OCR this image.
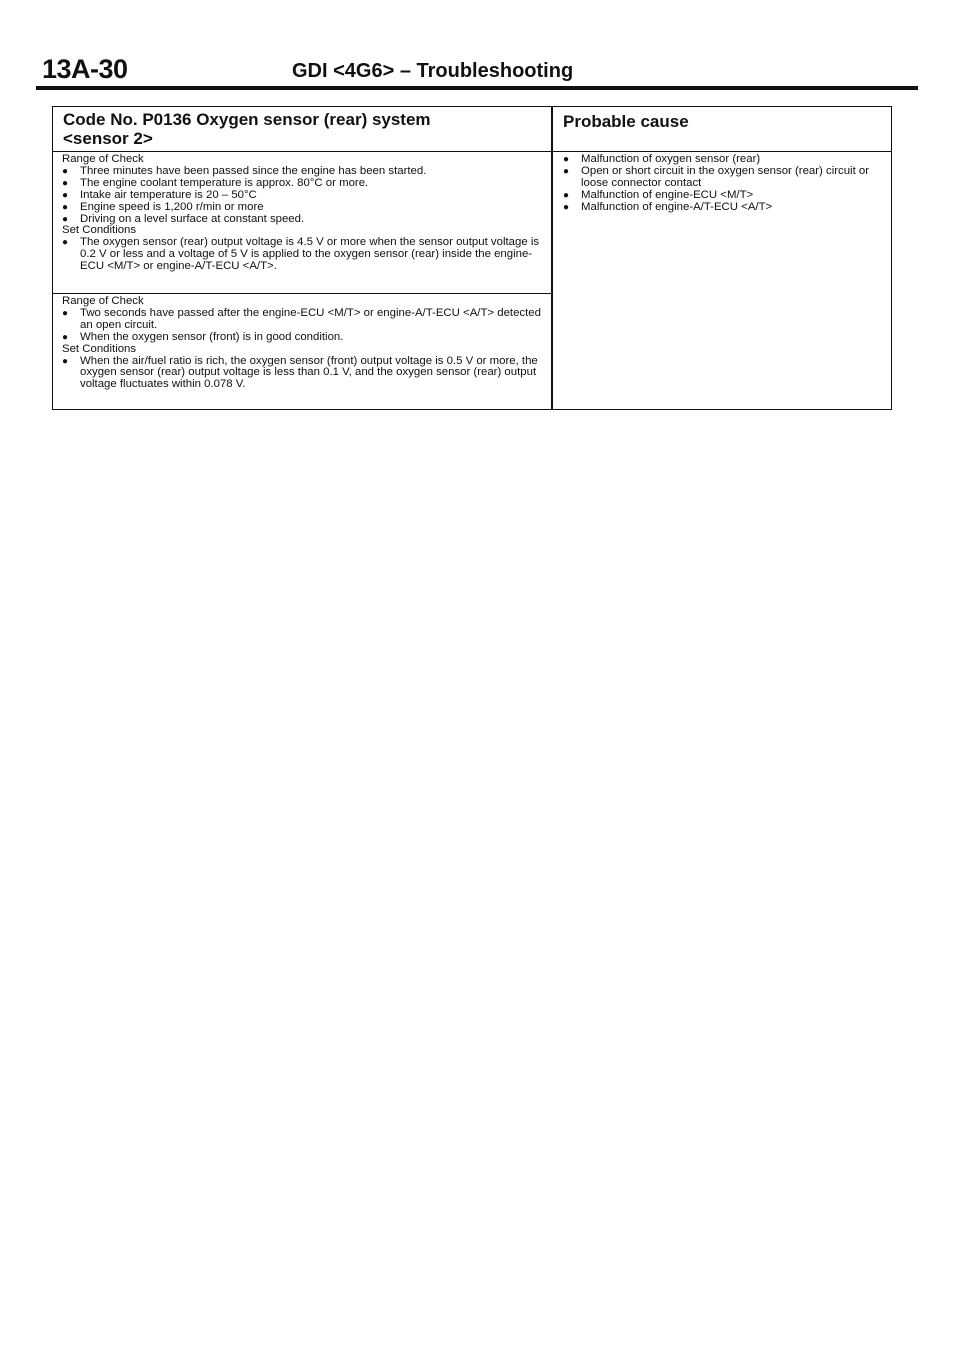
13A-30	GDI <4G6> – Troubleshooting
Code No. P0136 Oxygen sensor (rear) system
<sensor 2>
Probable cause

Range of Check

● Three minutes have been passed since the engine has been started.

● The engine coolant temperature is approx. 80°C or more.

● Intake air temperature is 20 – 50°C

● Engine speed is 1,200 r/min or more

● Driving on a level surface at constant speed.

Set Conditions

● The oxygen sensor (rear) output voltage is 4.5 V or more when the sensor output voltage is 0.2 V or less and a voltage of 5 V is applied to the oxygen sensor (rear) inside the engine-ECU <M/T> or engine-A/T-ECU <A/T>.

Range of Check

● Two seconds have passed after the engine-ECU <M/T> or engine-A/T-ECU <A/T> detected an open circuit.

● When the oxygen sensor (front) is in good condition.

Set Conditions

● When the air/fuel ratio is rich, the oxygen sensor (front) output voltage is 0.5 V or more, the oxygen sensor (rear) output voltage is less than 0.1 V, and the oxygen sensor (rear) output voltage fluctuates within 0.078 V.

● Malfunction of oxygen sensor (rear)

● Open or short circuit in the oxygen sensor (rear) circuit or loose connector contact

● Malfunction of engine-ECU <M/T>

● Malfunction of engine-A/T-ECU <A/T>
